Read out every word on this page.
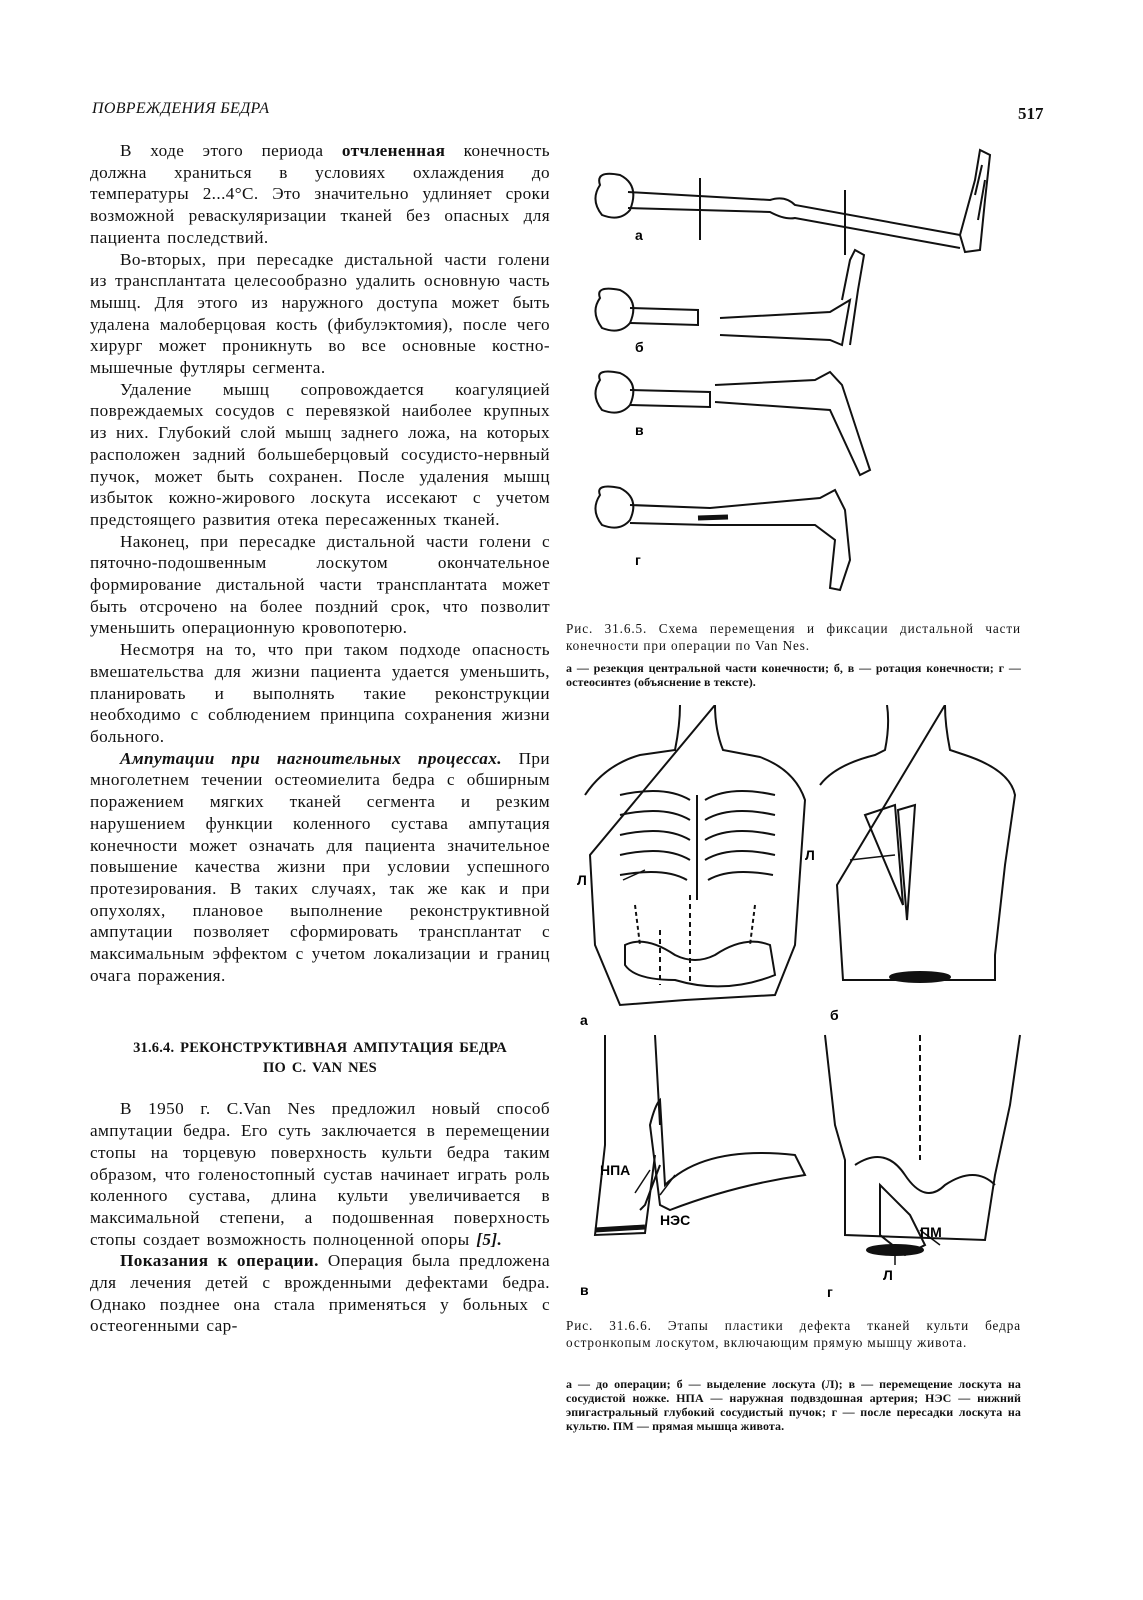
ПОВРЕЖДЕНИЯ БЕДРА	517

В ходе этого периода отчлененная конечность должна храниться в условиях охлаждения до температуры 2...4°С. Это значительно удлиняет сроки возможной реваскуляризации тканей без опасных для пациента последствий.

Во-вторых, при пересадке дистальной части голени из трансплантата целесообразно удалить основную часть мышц. Для этого из наружного доступа может быть удалена малоберцовая кость (фибулэктомия), после чего хирург может проникнуть во все основные костно-мышечные футляры сегмента.

Удаление мышц сопровождается коагуляцией повреждаемых сосудов с перевязкой наиболее крупных из них. Глубокий слой мышц заднего ложа, на которых расположен задний большеберцовый сосудисто-нервный пучок, может быть сохранен. После удаления мышц избыток кожно-жирового лоскута иссекают с учетом предстоящего развития отека пересаженных тканей.

Наконец, при пересадке дистальной части голени с пяточно-подошвенным лоскутом окончательное формирование дистальной части трансплантата может быть отсрочено на более поздний срок, что позволит уменьшить операционную кровопотерю.

Несмотря на то, что при таком подходе опасность вмешательства для жизни пациента удается уменьшить, планировать и выполнять такие реконструкции необходимо с соблюдением принципа сохранения жизни больного.

Ампутации при нагноительных процессах. При многолетнем течении остеомиелита бедра с обширным поражением мягких тканей сегмента и резким нарушением функции коленного сустава ампутация конечности может означать для пациента значительное повышение качества жизни при условии успешного протезирования. В таких случаях, так же как и при опухолях, плановое выполнение реконструктивной ампутации позволяет сформировать трансплантат с максимальным эффектом с учетом локализации и границ очага поражения.

31.6.4. РЕКОНСТРУКТИВНАЯ АМПУТАЦИЯ БЕДРА
ПО С. VAN NES

В 1950 г. C.Van Nes предложил новый способ ампутации бедра. Его суть заключается в перемещении стопы на торцевую поверхность культи бедра таким образом, что голеностопный сустав начинает играть роль коленного сустава, длина культи увеличивается в максимальной степени, а подошвенная поверхность стопы создает возможность полноценной опоры [5].

Показания к операции. Операция была предложена для лечения детей с врожденными дефектами бедра. Однако позднее она стала применяться у больных с остеогенными сар-

а
б
в
г
Рис. 31.6.5. Схема перемещения и фиксации дистальной части конечности при операции по Van Nes.
а — резекция центральной части конечности; б, в — ротация конечности; г — остеосинтез (объяснение в тексте).
Л
Л
НПА
НЭС
ПМ
Л
а	б
в	г
Рис. 31.6.6. Этапы пластики дефекта тканей культи бедра остронкопым лоскутом, включающим прямую мышцу живота.
а — до операции; б — выделение лоскута (Л); в — перемещение лоскута на сосудистой ножке. НПА — наружная подвздошная артерия; НЭС — нижний эпигастральный глубокий сосудистый пучок; г — после пересадки лоскута на культю. ПМ — прямая мышца живота.
